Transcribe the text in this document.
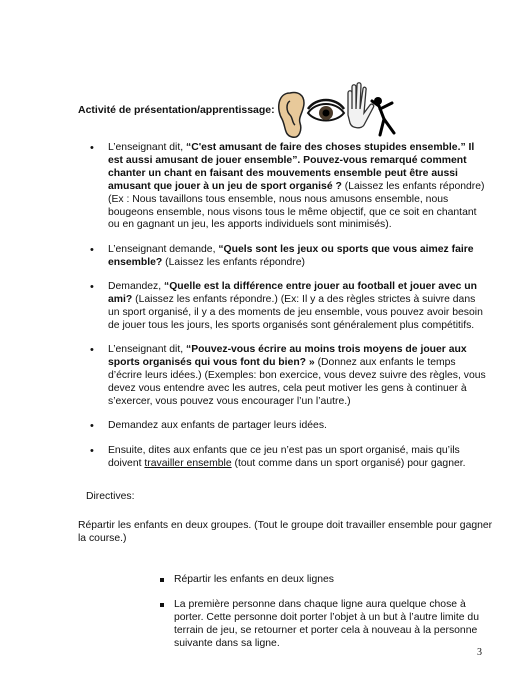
Activité de présentation/apprentissage:
• L’enseignant dit, “C'est amusant de faire des choses stupides ensemble.” Il est aussi amusant de jouer ensemble”. Pouvez-vous remarqué comment chanter un chant en faisant des mouvements ensemble peut être aussi amusant que jouer à un jeu de sport organisé ? (Laissez les enfants répondre) (Ex : Nous tavaillons tous ensemble, nous nous amusons ensemble, nous bougeons ensemble, nous visons tous le même objectif, que ce soit en chantant ou en gagnant un jeu, les apports individuels sont minimisés).
• L’enseignant demande, “Quels sont les jeux ou sports que vous aimez faire ensemble? (Laissez les enfants répondre)
• Demandez, “Quelle est la différence entre jouer au football et jouer avec un ami? (Laissez les enfants répondre.) (Ex: Il y a des règles strictes à suivre dans un sport organisé, il y a des moments de jeu ensemble, vous pouvez avoir besoin de jouer tous les jours, les sports organisés sont généralement plus compétitifs.
• L’enseignant dit, “Pouvez-vous écrire au moins trois moyens de jouer aux sports organisés qui vous font du bien? » (Donnez aux enfants le temps d’écrire leurs idées.) (Exemples: bon exercice, vous devez suivre des règles, vous devez vous entendre avec les autres, cela peut motiver les gens à continuer à s’exercer, vous pouvez vous encourager l’un l’autre.)
• Demandez aux enfants de partager leurs idées.
• Ensuite, dites aux enfants que ce jeu n’est pas un sport organisé, mais qu’ils doivent travailler ensemble (tout comme dans un sport organisé) pour gagner.
Directives:
Répartir les enfants en deux groupes. (Tout le groupe doit travailler ensemble pour gagner la course.)
Répartir les enfants en deux lignes
La première personne dans chaque ligne aura quelque chose à porter. Cette personne doit porter l’objet à un but à l’autre limite du terrain de jeu, se retourner et porter cela à nouveau à la personne suivante dans sa ligne.
3
